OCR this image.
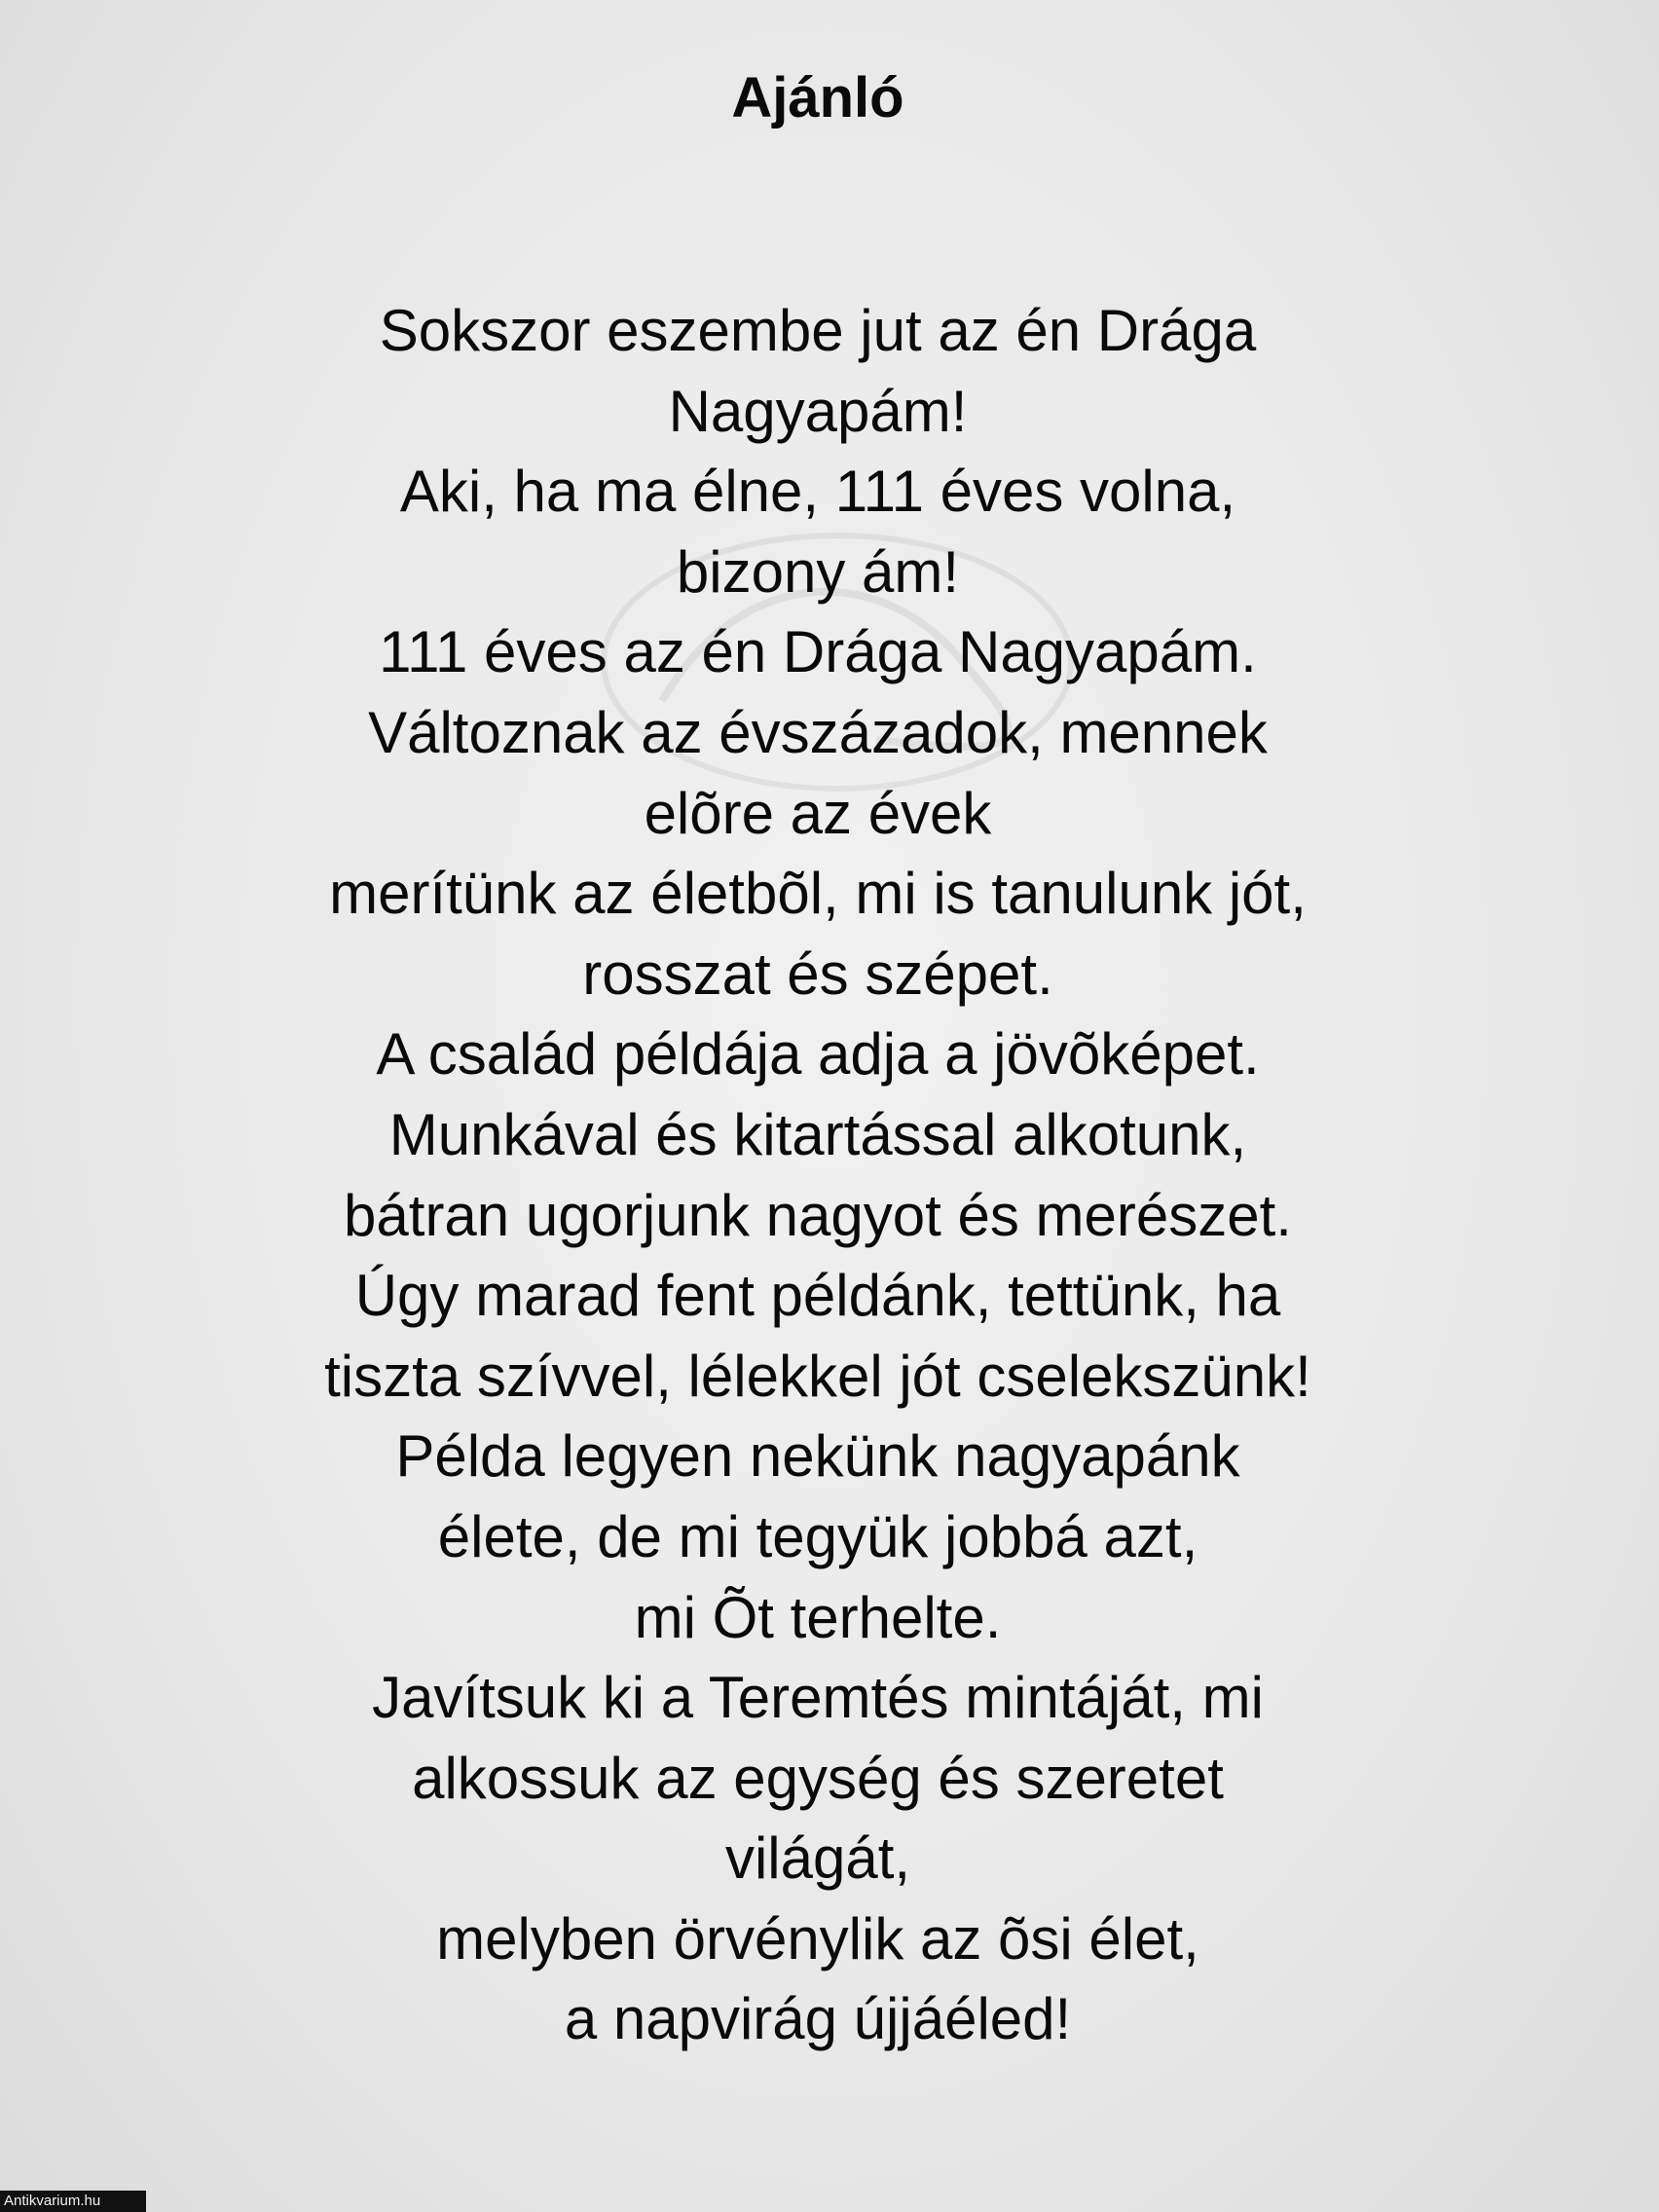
Ajánló
Sokszor eszembe jut az én Drága
Nagyapám!
Aki, ha ma élne, 111 éves volna,
bizony ám!
111 éves az én Drága Nagyapám.
Változnak az évszázadok, mennek
elõre az évek
merítünk az életbõl, mi is tanulunk jót,
rosszat és szépet.
A család példája adja a jövõképet.
Munkával és kitartással alkotunk,
bátran ugorjunk nagyot és merészet.
Úgy marad fent példánk, tettünk, ha
tiszta szívvel, lélekkel jót cselekszünk!
Példa legyen nekünk nagyapánk
élete, de mi tegyük jobbá azt,
mi Õt terhelte.
Javítsuk ki a Teremtés mintáját, mi
alkossuk az egység és szeretet
világát,
melyben örvénylik az õsi élet,
a napvirág újjáéled!
Antikvarium.hu
